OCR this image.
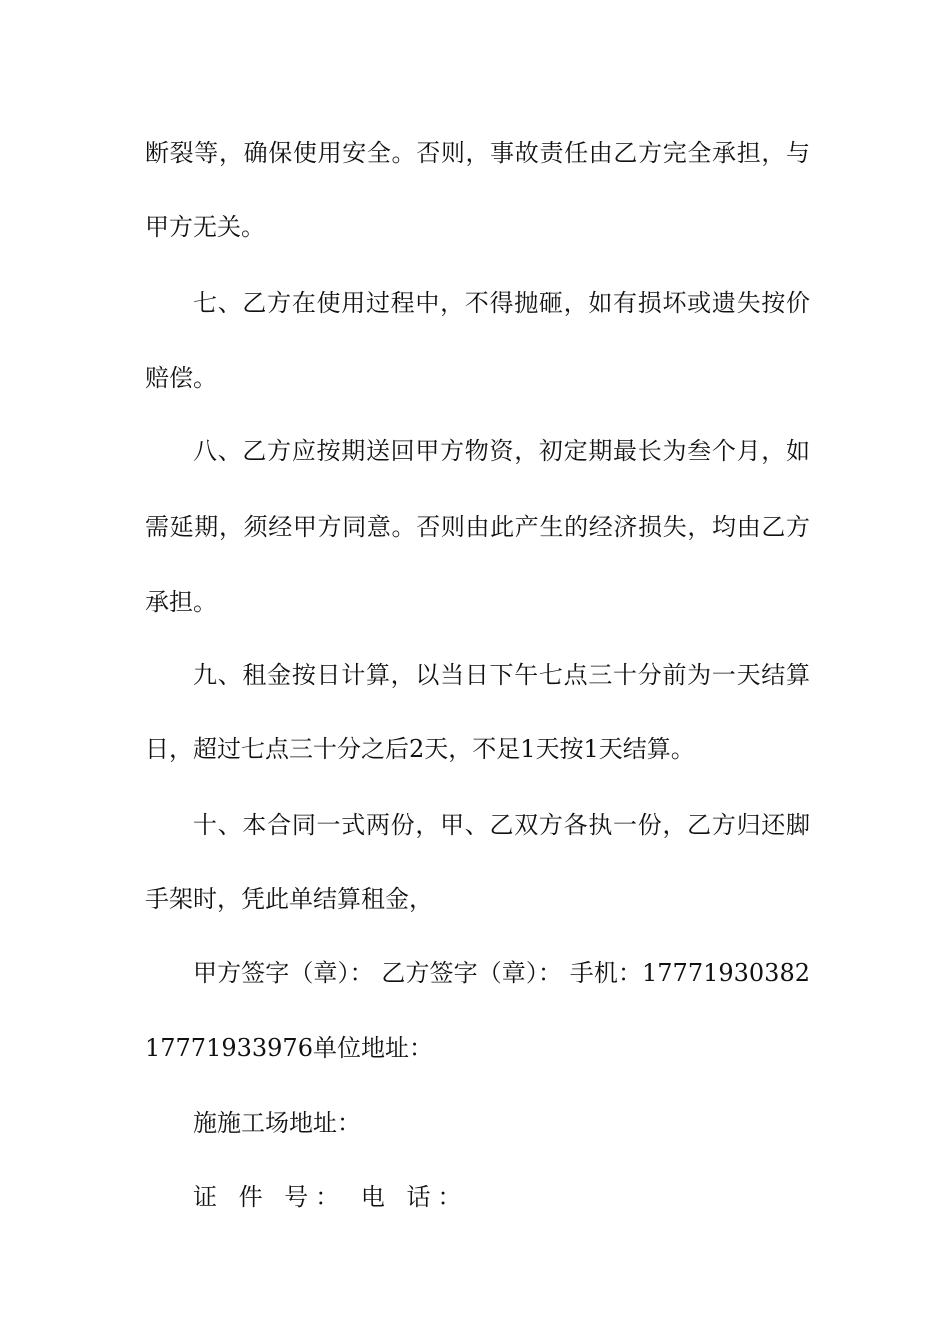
断裂等，确保使用安全。否则，事故责任由乙方完全承担，与
甲方无关。
七、乙方在使用过程中，不得抛砸，如有损坏或遗失按价
赔偿。
八、乙方应按期送回甲方物资，初定期最长为叁个月，如
需延期，须经甲方同意。否则由此产生的经济损失，均由乙方
承担。
九、租金按日计算，以当日下午七点三十分前为一天结算
日，超过七点三十分之后2天，不足1天按1天结算。
十、本合同一式两份，甲、乙双方各执一份，乙方归还脚
手架时，凭此单结算租金，
甲方签字（章）： 乙方签字（章）： 手机：17771930382
17771933976单位地址：
施施工场地址：
证 件 号： 电 话：
